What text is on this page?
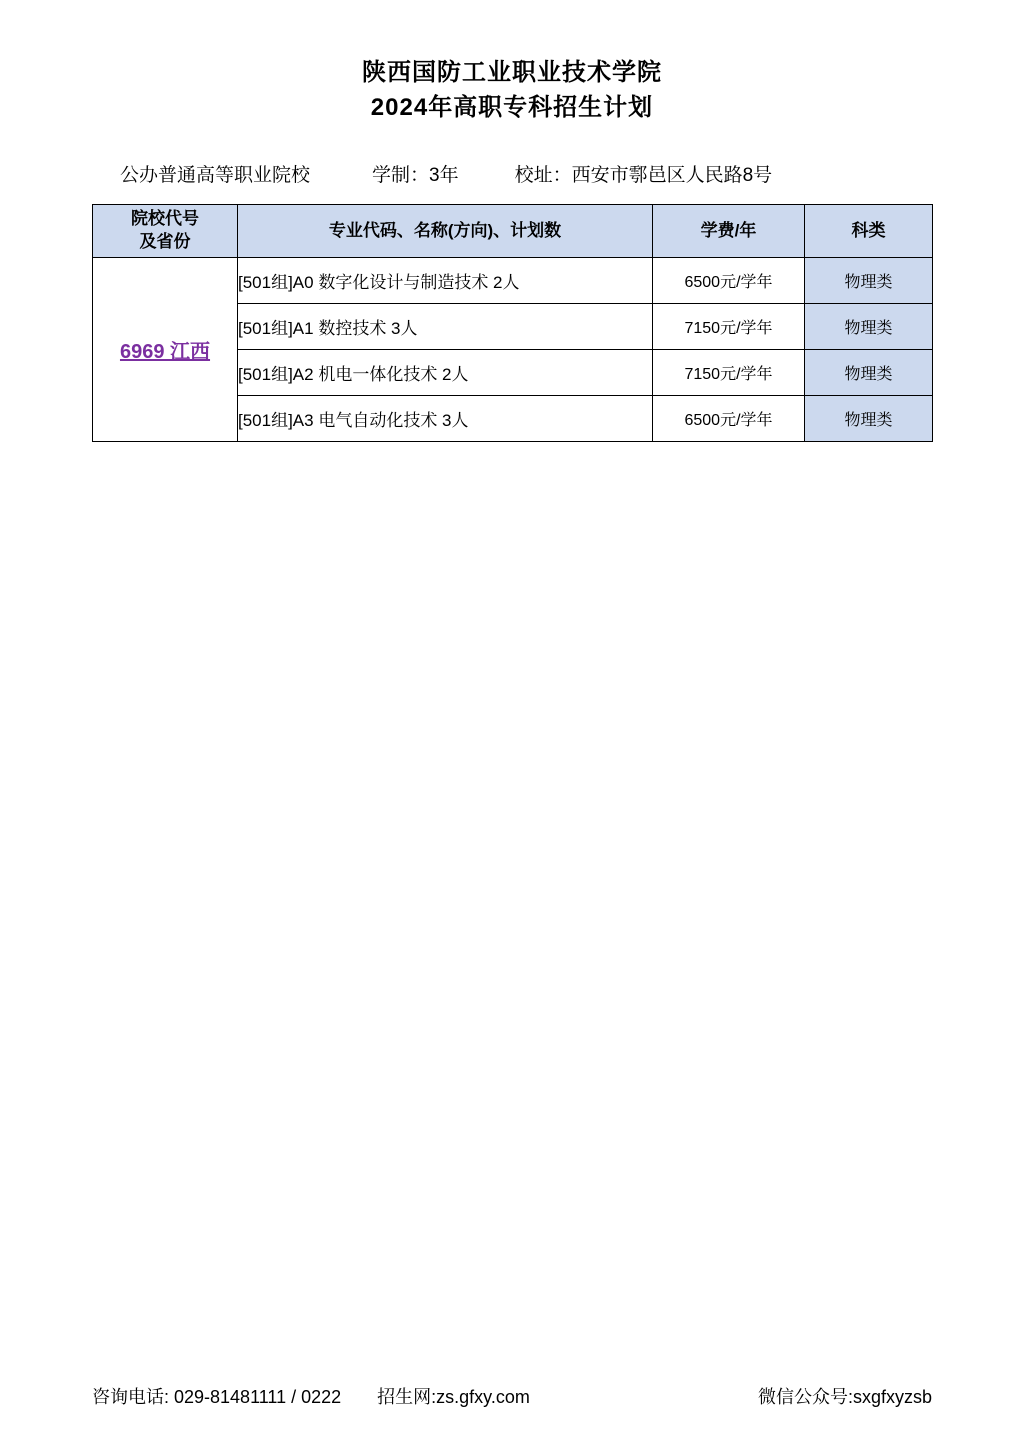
陕西国防工业职业技术学院
2024年高职专科招生计划
公办普通高等职业院校	学制：3年	校址：西安市鄠邑区人民路8号
院校代号
及省份	专业代码、名称(方向)、计划数	学费/年	科类
6969 江西	[501组]A0 数字化设计与制造技术 2人	6500元/学年	物理类
	[501组]A1 数控技术 3人	7150元/学年	物理类
	[501组]A2 机电一体化技术 2人	7150元/学年	物理类
	[501组]A3 电气自动化技术 3人	6500元/学年	物理类
咨询电话: 029-81481111 / 0222 招生网:zs.gfxy.com	微信公众号:sxgfxyzsb
